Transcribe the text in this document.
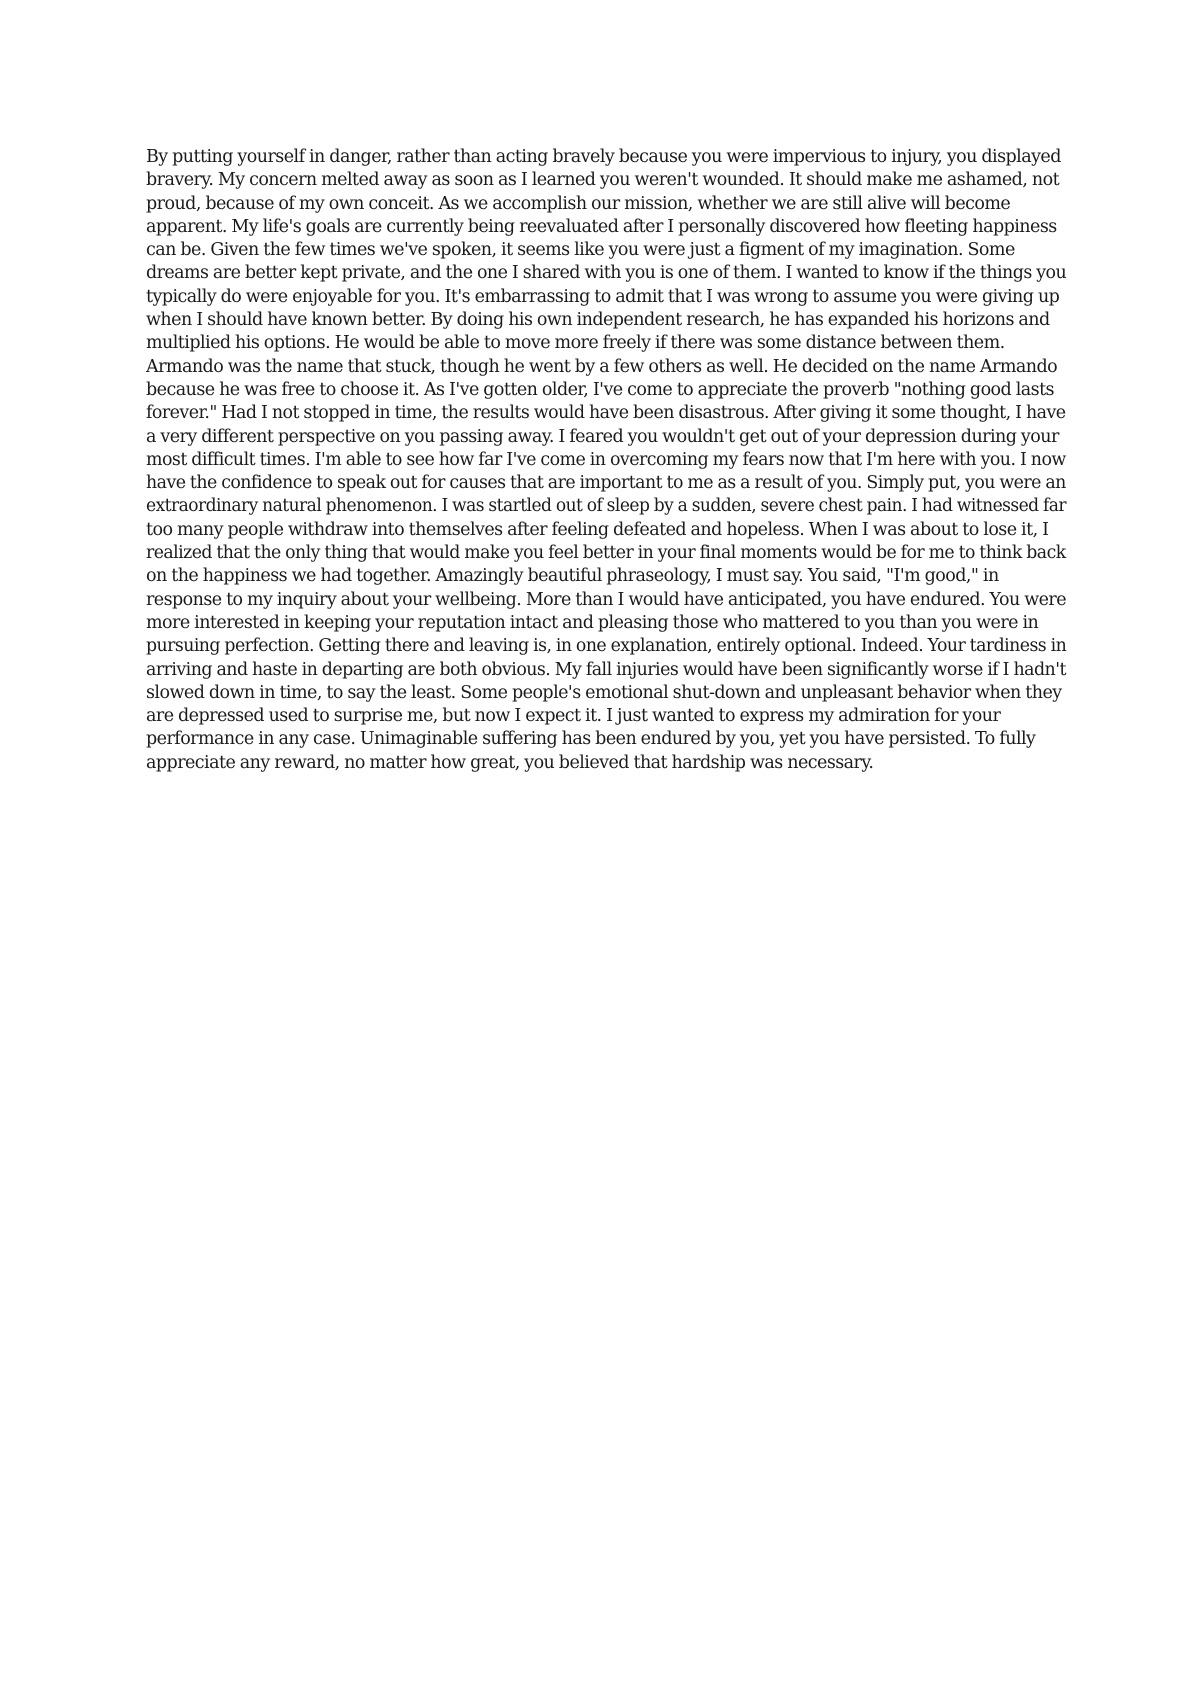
By putting yourself in danger, rather than acting bravely because you were impervious to injury, you displayed
bravery. My concern melted away as soon as I learned you weren't wounded. It should make me ashamed, not
proud, because of my own conceit. As we accomplish our mission, whether we are still alive will become
apparent. My life's goals are currently being reevaluated after I personally discovered how fleeting happiness
can be. Given the few times we've spoken, it seems like you were just a figment of my imagination. Some
dreams are better kept private, and the one I shared with you is one of them. I wanted to know if the things you
typically do were enjoyable for you. It's embarrassing to admit that I was wrong to assume you were giving up
when I should have known better. By doing his own independent research, he has expanded his horizons and
multiplied his options. He would be able to move more freely if there was some distance between them.
Armando was the name that stuck, though he went by a few others as well. He decided on the name Armando
because he was free to choose it. As I've gotten older, I've come to appreciate the proverb "nothing good lasts
forever." Had I not stopped in time, the results would have been disastrous. After giving it some thought, I have
a very different perspective on you passing away. I feared you wouldn't get out of your depression during your
most difficult times. I'm able to see how far I've come in overcoming my fears now that I'm here with you. I now
have the confidence to speak out for causes that are important to me as a result of you. Simply put, you were an
extraordinary natural phenomenon. I was startled out of sleep by a sudden, severe chest pain. I had witnessed far
too many people withdraw into themselves after feeling defeated and hopeless. When I was about to lose it, I
realized that the only thing that would make you feel better in your final moments would be for me to think back
on the happiness we had together. Amazingly beautiful phraseology, I must say. You said, "I'm good," in
response to my inquiry about your wellbeing. More than I would have anticipated, you have endured. You were
more interested in keeping your reputation intact and pleasing those who mattered to you than you were in
pursuing perfection. Getting there and leaving is, in one explanation, entirely optional. Indeed. Your tardiness in
arriving and haste in departing are both obvious. My fall injuries would have been significantly worse if I hadn't
slowed down in time, to say the least. Some people's emotional shut-down and unpleasant behavior when they
are depressed used to surprise me, but now I expect it. I just wanted to express my admiration for your
performance in any case. Unimaginable suffering has been endured by you, yet you have persisted. To fully
appreciate any reward, no matter how great, you believed that hardship was necessary.
